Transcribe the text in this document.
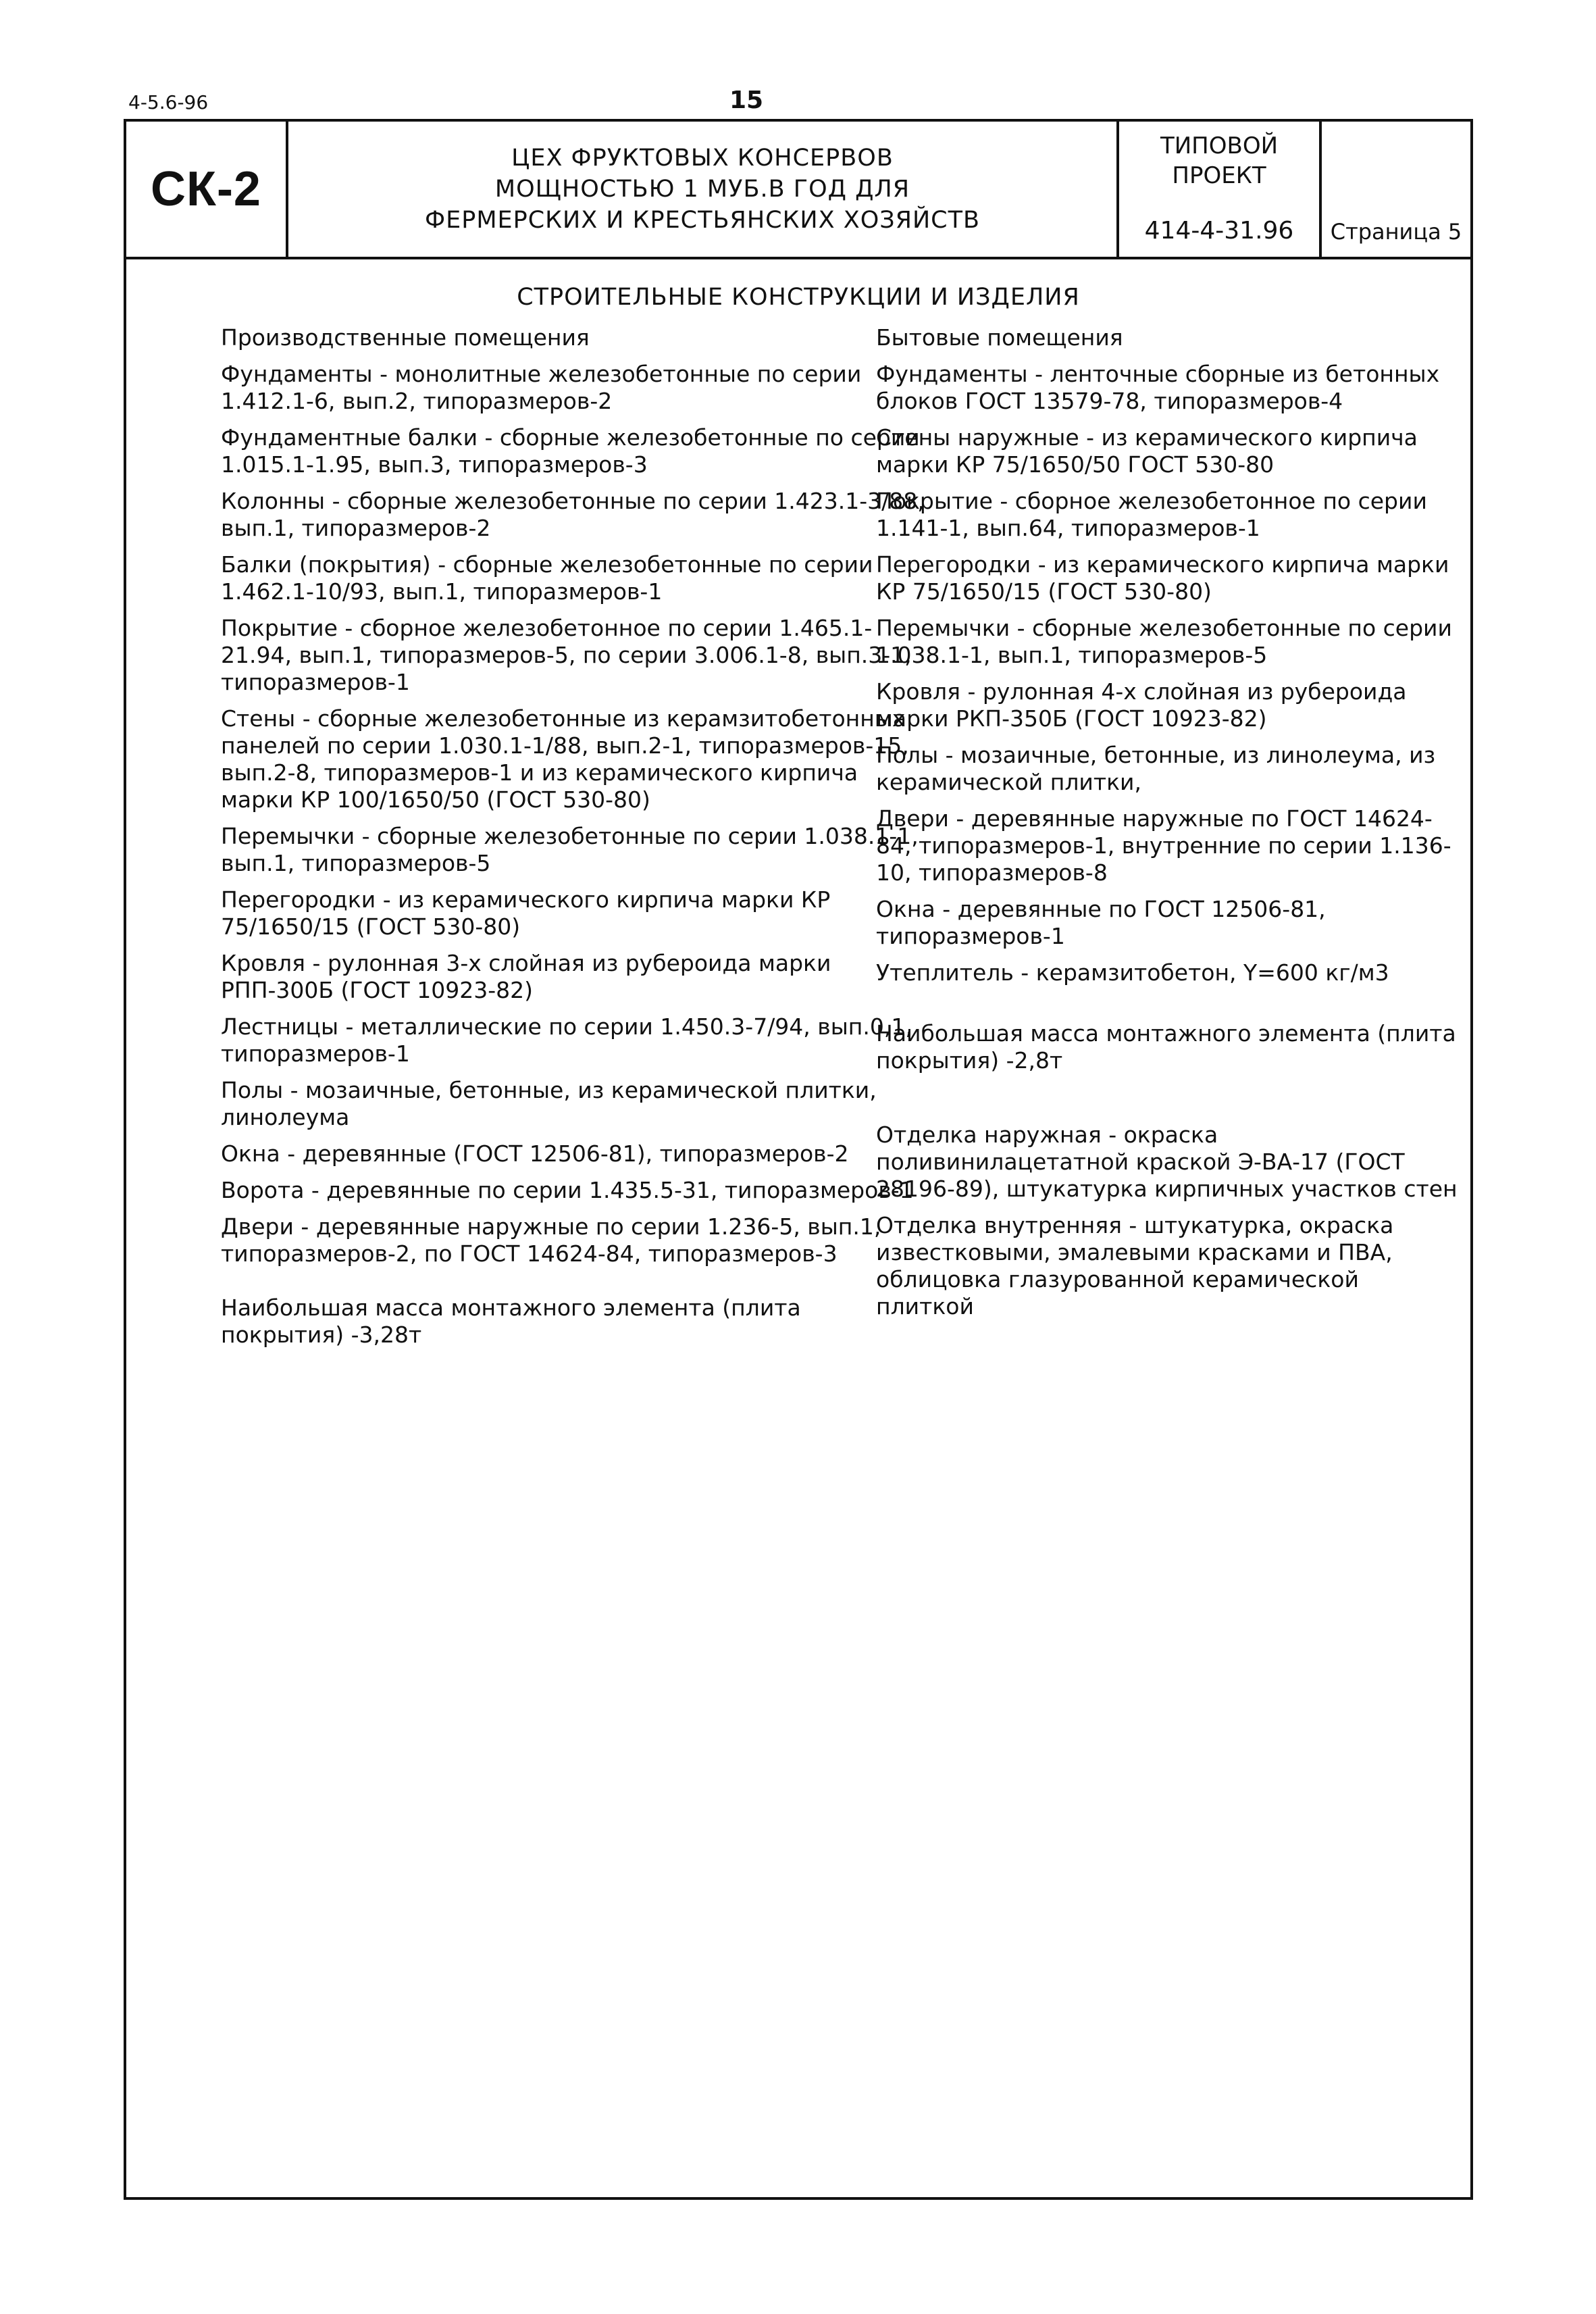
4-5.6-96	15
СК-2
ЦЕХ ФРУКТОВЫХ КОНСЕРВОВ
МОЩНОСТЬЮ 1 МУБ.В ГОД ДЛЯ
ФЕРМЕРСКИХ И КРЕСТЬЯНСКИХ ХОЗЯЙСТВ
ТИПОВОЙ
ПРОЕКТ
414-4-31.96	Страница 5
СТРОИТЕЛЬНЫЕ КОНСТРУКЦИИ И ИЗДЕЛИЯ
Производственные помещения
Фундаменты - монолитные железобетонные по серии 1.412.1-6, вып.2, типоразмеров-2
Фундаментные балки - сборные железобетонные по серии 1.015.1-1.95, вып.3, типоразмеров-3
Колонны - сборные железобетонные по серии 1.423.1-3/88, вып.1, типоразмеров-2
Балки (покрытия) - сборные железобетонные по серии 1.462.1-10/93, вып.1, типоразмеров-1
Покрытие - сборное железобетонное по серии 1.465.1-21.94, вып.1, типоразмеров-5, по серии 3.006.1-8, вып.3-1, типоразмеров-1
Стены - сборные железобетонные из керамзитобетонных панелей по серии 1.030.1-1/88, вып.2-1, типоразмеров-15, вып.2-8, типоразмеров-1 и из керамического кирпича марки КР 100/1650/50 (ГОСТ 530-80)
Перемычки - сборные железобетонные по серии 1.038.1-1, вып.1, типоразмеров-5
Перегородки - из керамического кирпича марки КР 75/1650/15 (ГОСТ 530-80)
Кровля - рулонная 3-х слойная из рубероида марки РПП-300Б (ГОСТ 10923-82)
Лестницы - металлические по серии 1.450.3-7/94, вып.0,1, типоразмеров-1
Полы - мозаичные, бетонные, из керамической плитки, линолеума
Окна - деревянные (ГОСТ 12506-81), типоразмеров-2
Ворота - деревянные по серии 1.435.5-31, типоразмеров-1
Двери - деревянные наружные по серии 1.236-5, вып.1, типоразмеров-2, по ГОСТ 14624-84, типоразмеров-3
Наибольшая масса монтажного элемента (плита покрытия) -3,28т
Бытовые помещения
Фундаменты - ленточные сборные из бетонных блоков ГОСТ 13579-78, типоразмеров-4
Стены наружные - из керамического кирпича марки КР 75/1650/50 ГОСТ 530-80
Покрытие - сборное железобетонное по серии 1.141-1, вып.64, типоразмеров-1
Перегородки - из керамического кирпича марки КР 75/1650/15 (ГОСТ 530-80)
Перемычки - сборные железобетонные по серии 1.038.1-1, вып.1, типоразмеров-5
Кровля - рулонная 4-х слойная из рубероида марки РКП-350Б (ГОСТ 10923-82)
Полы - мозаичные, бетонные, из линолеума, из керамической плитки,
Двери - деревянные наружные по ГОСТ 14624-84, типоразмеров-1, внутренние по серии 1.136-10, типоразмеров-8
Окна - деревянные по ГОСТ 12506-81, типоразмеров-1
Утеплитель - керамзитобетон, Y=600 кг/м3
Наибольшая масса монтажного элемента (плита покрытия) -2,8т
Отделка наружная - окраска поливинилацетатной краской Э-ВА-17 (ГОСТ 28196-89), штукатурка кирпичных участков стен
Отделка внутренняя - штукатурка, окраска известковыми, эмалевыми красками и ПВА, облицовка глазурованной керамической плиткой
